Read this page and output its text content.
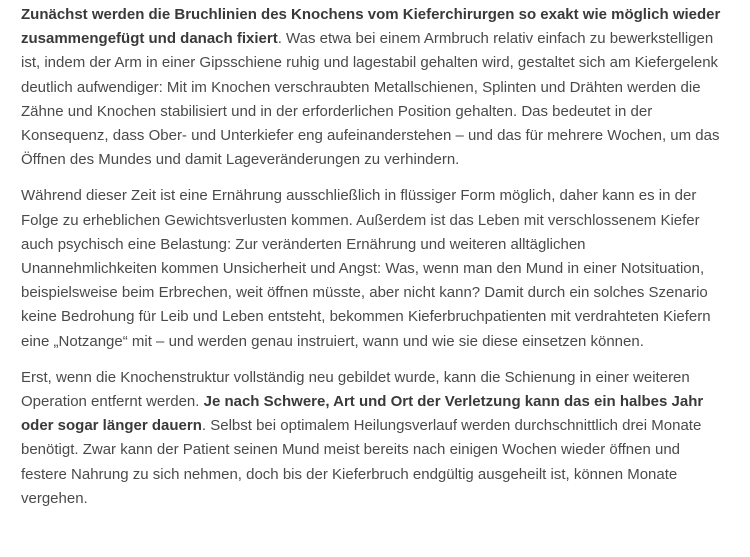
Zunächst werden die Bruchlinien des Knochens vom Kieferchirurgen so exakt wie möglich wieder zusammengefügt und danach fixiert. Was etwa bei einem Armbruch relativ einfach zu bewerkstelligen ist, indem der Arm in einer Gipsschiene ruhig und lagestabil gehalten wird, gestaltet sich am Kiefergelenk deutlich aufwendiger: Mit im Knochen verschraubten Metallschienen, Splinten und Drähten werden die Zähne und Knochen stabilisiert und in der erforderlichen Position gehalten. Das bedeutet in der Konsequenz, dass Ober- und Unterkiefer eng aufeinanderstehen – und das für mehrere Wochen, um das Öffnen des Mundes und damit Lageveränderungen zu verhindern.

Während dieser Zeit ist eine Ernährung ausschließlich in flüssiger Form möglich, daher kann es in der Folge zu erheblichen Gewichtsverlusten kommen. Außerdem ist das Leben mit verschlossenem Kiefer auch psychisch eine Belastung: Zur veränderten Ernährung und weiteren alltäglichen Unannehmlichkeiten kommen Unsicherheit und Angst: Was, wenn man den Mund in einer Notsituation, beispielsweise beim Erbrechen, weit öffnen müsste, aber nicht kann? Damit durch ein solches Szenario keine Bedrohung für Leib und Leben entsteht, bekommen Kieferbruchpatienten mit verdrahteten Kiefern eine „Notzange“ mit – und werden genau instruiert, wann und wie sie diese einsetzen können.

Erst, wenn die Knochenstruktur vollständig neu gebildet wurde, kann die Schienung in einer weiteren Operation entfernt werden. Je nach Schwere, Art und Ort der Verletzung kann das ein halbes Jahr oder sogar länger dauern. Selbst bei optimalem Heilungsverlauf werden durchschnittlich drei Monate benötigt. Zwar kann der Patient seinen Mund meist bereits nach einigen Wochen wieder öffnen und festere Nahrung zu sich nehmen, doch bis der Kieferbruch endgültig ausgeheilt ist, können Monate vergehen.
